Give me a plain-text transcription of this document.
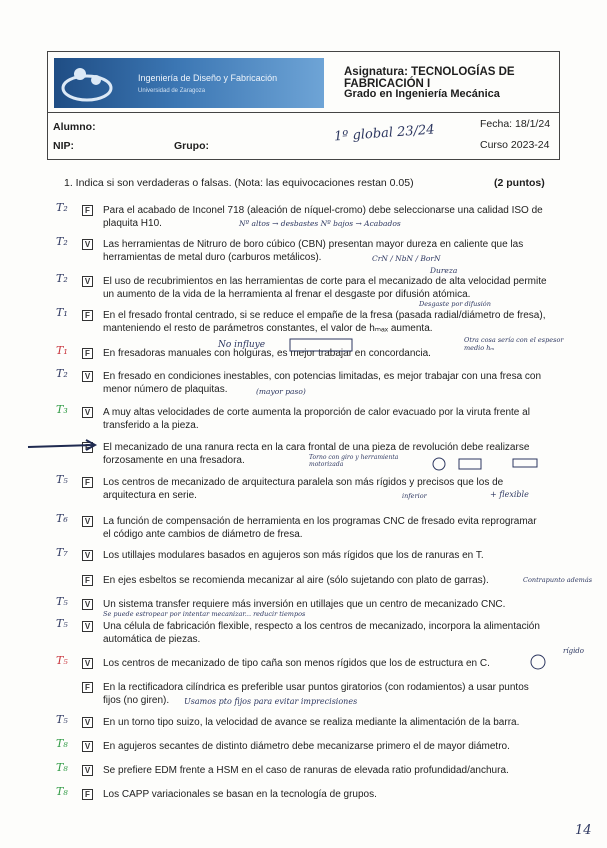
Ingeniería de Diseño y Fabricación
Universidad de Zaragoza
Asignatura: TECNOLOGÍAS DE FABRICACIÓN I
Grado en Ingeniería Mecánica
Alumno:
NIP:	Grupo:
Fecha: 18/1/24
Curso 2023-24
1º global 23/24
1. Indica si son verdaderas o falsas. (Nota: las equivocaciones restan 0.05)	(2 puntos)
Para el acabado de Inconel 718 (aleación de níquel-cromo) debe seleccionarse una calidad ISO de plaquita H10.
F
T₂
Las herramientas de Nitruro de boro cúbico (CBN) presentan mayor dureza en caliente que las herramientas de metal duro (carburos metálicos).
V
T₂
El uso de recubrimientos en las herramientas de corte para el mecanizado de alta velocidad permite un aumento de la vida de la herramienta al frenar el desgaste por difusión atómica.
V
T₂
En el fresado frontal centrado, si se reduce el empañe de la fresa (pasada radial/diámetro de fresa), manteniendo el resto de parámetros constantes, el valor de hₘₐₓ aumenta.
F
T₁
En fresadoras manuales con holguras, es mejor trabajar en concordancia.
F
T₁
En fresado en condiciones inestables, con potencias limitadas, es mejor trabajar con una fresa con menor número de plaquitas.
V
T₂
A muy altas velocidades de corte aumenta la proporción de calor evacuado por la viruta frente al transferido a la pieza.
V
T₃
El mecanizado de una ranura recta en la cara frontal de una pieza de revolución debe realizarse forzosamente en una fresadora.
F
Los centros de mecanizado de arquitectura paralela son más rígidos y precisos que los de arquitectura en serie.
F
T₅
La función de compensación de herramienta en los programas CNC de fresado evita reprogramar el código ante cambios de diámetro de fresa.
V
T₆
Los utillajes modulares basados en agujeros son más rígidos que los de ranuras en T.
V
T₇
En ejes esbeltos se recomienda mecanizar al aire (sólo sujetando con plato de garras).
F
Un sistema transfer requiere más inversión en utillajes que un centro de mecanizado CNC.
V
T₅
Una célula de fabricación flexible, respecto a los centros de mecanizado, incorpora la alimentación automática de piezas.
V
T₅
Los centros de mecanizado de tipo caña son menos rígidos que los de estructura en C.
V
T₅
En la rectificadora cilíndrica es preferible usar puntos giratorios (con rodamientos) a usar puntos fijos (no giren).
F
En un torno tipo suizo, la velocidad de avance se realiza mediante la alimentación de la barra.
V
T₅
En agujeros secantes de distinto diámetro debe mecanizarse primero el de mayor diámetro.
V
T₈
Se prefiere EDM frente a HSM en el caso de ranuras de elevada ratio profundidad/anchura.
V
T₈
Los CAPP variacionales se basan en la tecnología de grupos.
F
T₈
Nº altos → desbastes Nº bajos → Acabados
CrN / NbN / BorN
Dureza
Desgaste por difusión
No influye	Otra cosa sería con el espesor medio hₘ
(mayor paso)
Torno con giro y herramienta motorizada
Contrapunto además
Se puede estropear por intentar mecanizar... reducir tiempos
Usamos pto fijos para evitar imprecisiones
rígido
+ flexible
inferior
14
